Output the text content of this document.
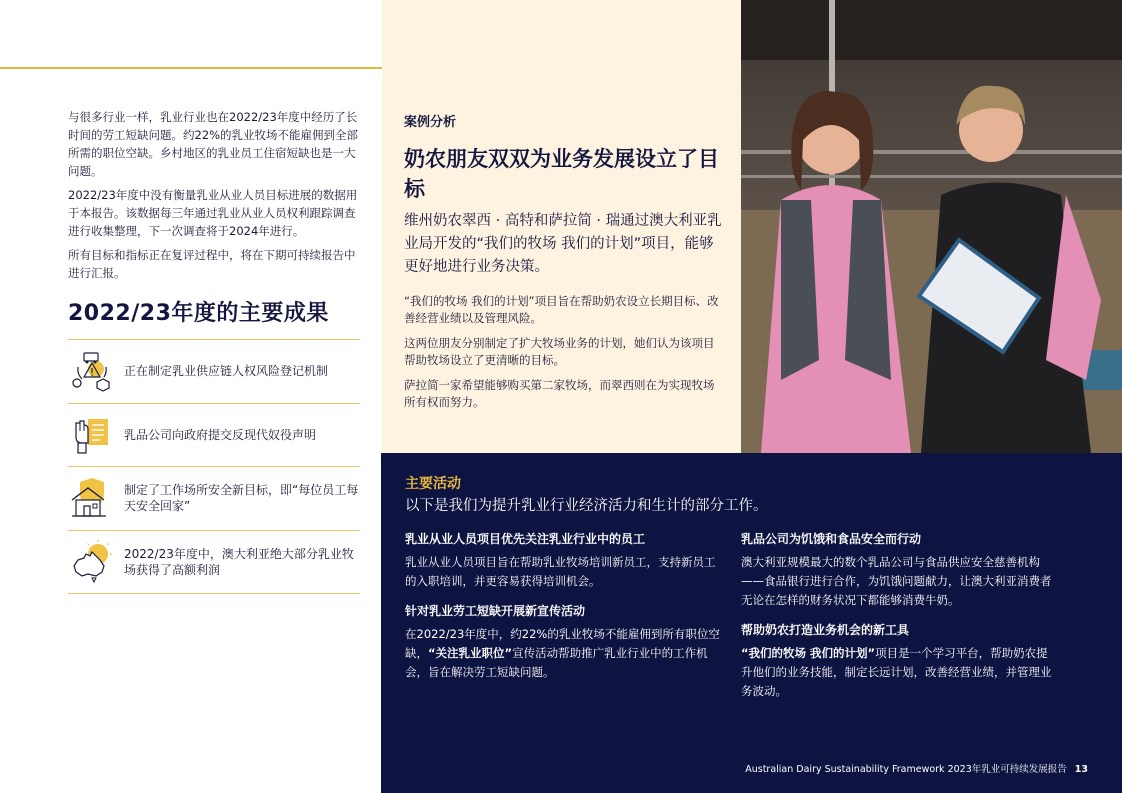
与很多行业一样，乳业行业也在2022/23年度中经历了长时间的劳工短缺问题。约22%的乳业牧场不能雇佣到全部所需的职位空缺。乡村地区的乳业员工住宿短缺也是一大问题。

2022/23年度中没有衡量乳业从业人员目标进展的数据用于本报告。该数据每三年通过乳业从业人员权利跟踪调查进行收集整理，下一次调查将于2024年进行。

所有目标和指标正在复评过程中，将在下期可持续报告中进行汇报。

2022/23年度的主要成果
正在制定乳业供应链人权风险登记机制
乳品公司向政府提交反现代奴役声明
制定了工作场所安全新目标，即“每位员工每天安全回家”
2022/23年度中，澳大利亚绝大部分乳业牧场获得了高额利润
案例分析
奶农朋友双双为业务发展设立了目标

维州奶农翠西 · 高特和萨拉简 · 瑞通过澳大利亚乳业局开发的“我们的牧场 我们的计划”项目，能够更好地进行业务决策。

“我们的牧场 我们的计划”项目旨在帮助奶农设立长期目标、改善经营业绩以及管理风险。

这两位朋友分别制定了扩大牧场业务的计划，她们认为该项目帮助牧场设立了更清晰的目标。

萨拉简一家希望能够购买第二家牧场，而翠西则在为实现牧场所有权而努力。

主要活动
以下是我们为提升乳业行业经济活力和生计的部分工作。
乳业从业人员项目优先关注乳业行业中的员工

乳业从业人员项目旨在帮助乳业牧场培训新员工，支持新员工的入职培训，并更容易获得培训机会。

针对乳业劳工短缺开展新宣传活动

在2022/23年度中，约22%的乳业牧场不能雇佣到所有职位空缺，“关注乳业职位”宣传活动帮助推广乳业行业中的工作机会，旨在解决劳工短缺问题。

乳品公司为饥饿和食品安全而行动

澳大利亚规模最大的数个乳品公司与食品供应安全慈善机构——食品银行进行合作，为饥饿问题献力，让澳大利亚消费者无论在怎样的财务状况下都能够消费牛奶。

帮助奶农打造业务机会的新工具

“我们的牧场 我们的计划”项目是一个学习平台，帮助奶农提升他们的业务技能，制定长远计划，改善经营业绩，并管理业务波动。

Australian Dairy Sustainability Framework 2023年乳业可持续发展报告 13
